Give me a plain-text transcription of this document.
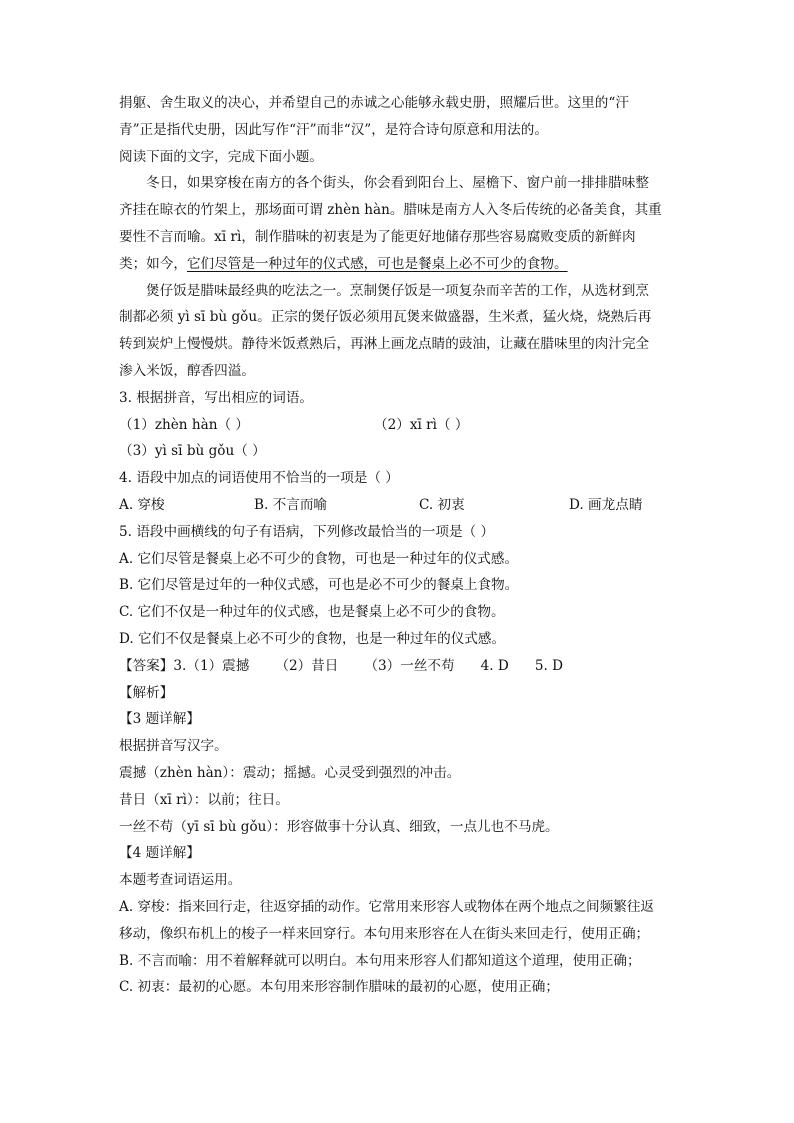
捐躯、舍生取义的决心，并希望自己的赤诚之心能够永载史册，照耀后世。这里的“汗
青”正是指代史册，因此写作“汗”而非“汉”，是符合诗句原意和用法的。
阅读下面的文字，完成下面小题。
冬日，如果穿梭在南方的各个街头，你会看到阳台上、屋檐下、窗户前一排排腊味整
齐挂在晾衣的竹架上，那场面可谓 zhèn hàn。腊味是南方人入冬后传统的必备美食，其重
要性不言而喻。xī rì，制作腊味的初衷是为了能更好地储存那些容易腐败变质的新鲜肉
类；如今，它们尽管是一种过年的仪式感，可也是餐桌上必不可少的食物。
煲仔饭是腊味最经典的吃法之一。烹制煲仔饭是一项复杂而辛苦的工作，从选材到烹
制都必须 yì sī bù gǒu。正宗的煲仔饭必须用瓦煲来做盛器，生米煮，猛火烧，烧熟后再
转到炭炉上慢慢烘。静待米饭煮熟后，再淋上画龙点睛的豉油，让藏在腊味里的肉汁完全
渗入米饭，醇香四溢。
3. 根据拼音，写出相应的词语。
（1）zhèn hàn（ ）	（2）xī rì（ ）
（3）yì sī bù gǒu（ ）
4. 语段中加点的词语使用不恰当的一项是（ ）
A. 穿梭	B. 不言而喻	C. 初衷	D. 画龙点睛
5. 语段中画横线的句子有语病，下列修改最恰当的一项是（ ）
A. 它们尽管是餐桌上必不可少的食物，可也是一种过年的仪式感。
B. 它们尽管是过年的一种仪式感，可也是必不可少的餐桌上食物。
C. 它们不仅是一种过年的仪式感，也是餐桌上必不可少的食物。
D. 它们不仅是餐桌上必不可少的食物，也是一种过年的仪式感。
【答案】3.（1）震撼 （2）昔日 （3）一丝不苟 4. D 5. D
【解析】
【3 题详解】
根据拼音写汉字。
震撼（zhèn hàn）：震动；摇撼。心灵受到强烈的冲击。
昔日（xī rì）：以前；往日。
一丝不苟（yī sī bù gǒu）：形容做事十分认真、细致，一点儿也不马虎。
【4 题详解】
本题考查词语运用。
A. 穿梭：指来回行走，往返穿插的动作。它常用来形容人或物体在两个地点之间频繁往返
移动，像织布机上的梭子一样来回穿行。本句用来形容在人在街头来回走行，使用正确；
B. 不言而喻：用不着解释就可以明白。本句用来形容人们都知道这个道理，使用正确；
C. 初衷：最初的心愿。本句用来形容制作腊味的最初的心愿，使用正确；
